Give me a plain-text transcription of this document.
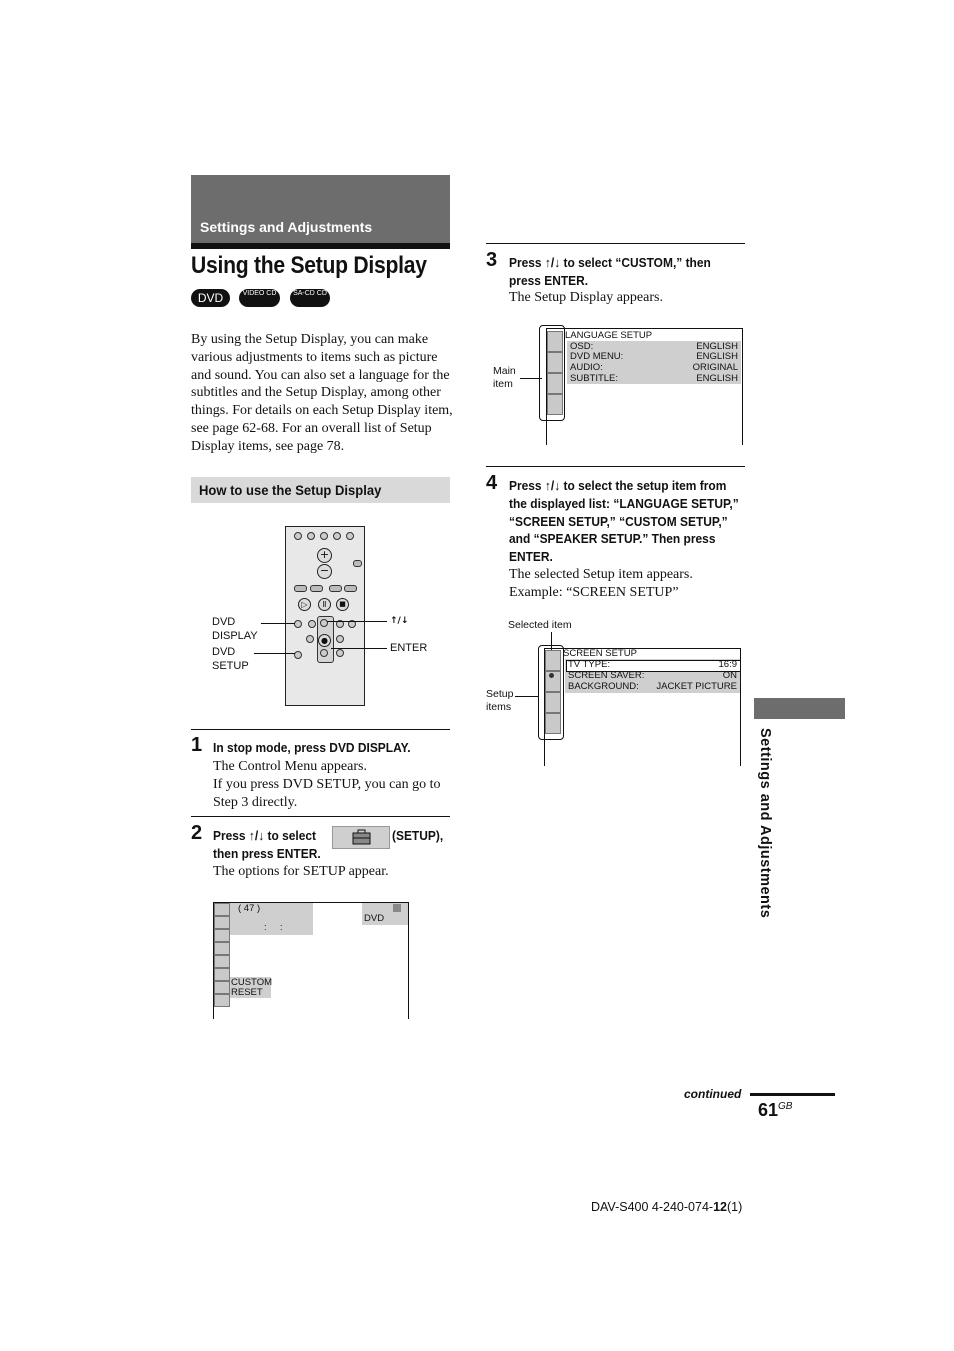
Settings and Adjustments
Using the Setup Display
DVD	VIDEO CD	SA-CD CD
By using the Setup Display, you can make various adjustments to items such as picture and sound. You can also set a language for the subtitles and the Setup Display, among other things. For details on each Setup Display item, see page 62-68. For an overall list of Setup Display items, see page 78.
How to use the Setup Display
+
−
▷	Ⅱ	■
●
DVD DISPLAY
DVD SETUP
↑/↓
ENTER
1 In stop mode, press DVD DISPLAY.
The Control Menu appears.
If you press DVD SETUP, you can go to Step 3 directly.
2 Press ↑/↓ to select	(SETUP),
then press ENTER.
The options for SETUP appear.
( 47 )
:     :
DVD
CUSTOM
RESET
3 Press ↑/↓ to select “CUSTOM,” then press ENTER.
The Setup Display appears.
Main item
LANGUAGE SETUP
OSD:	ENGLISH
DVD MENU:	ENGLISH
AUDIO:	ORIGINAL
SUBTITLE:	ENGLISH
4 Press ↑/↓ to select the setup item from the displayed list: “LANGUAGE SETUP,” “SCREEN SETUP,” “CUSTOM SETUP,” and “SPEAKER SETUP.” Then press ENTER.
The selected Setup item appears.
Example: “SCREEN SETUP”
Selected item
Setup items
SCREEN SETUP
TV TYPE:	16:9
SCREEN SAVER:	ON
BACKGROUND: JACKET PICTURE
Settings and Adjustments
continued
$61^{GB}$
DAV-S400 4-240-074-12(1)
